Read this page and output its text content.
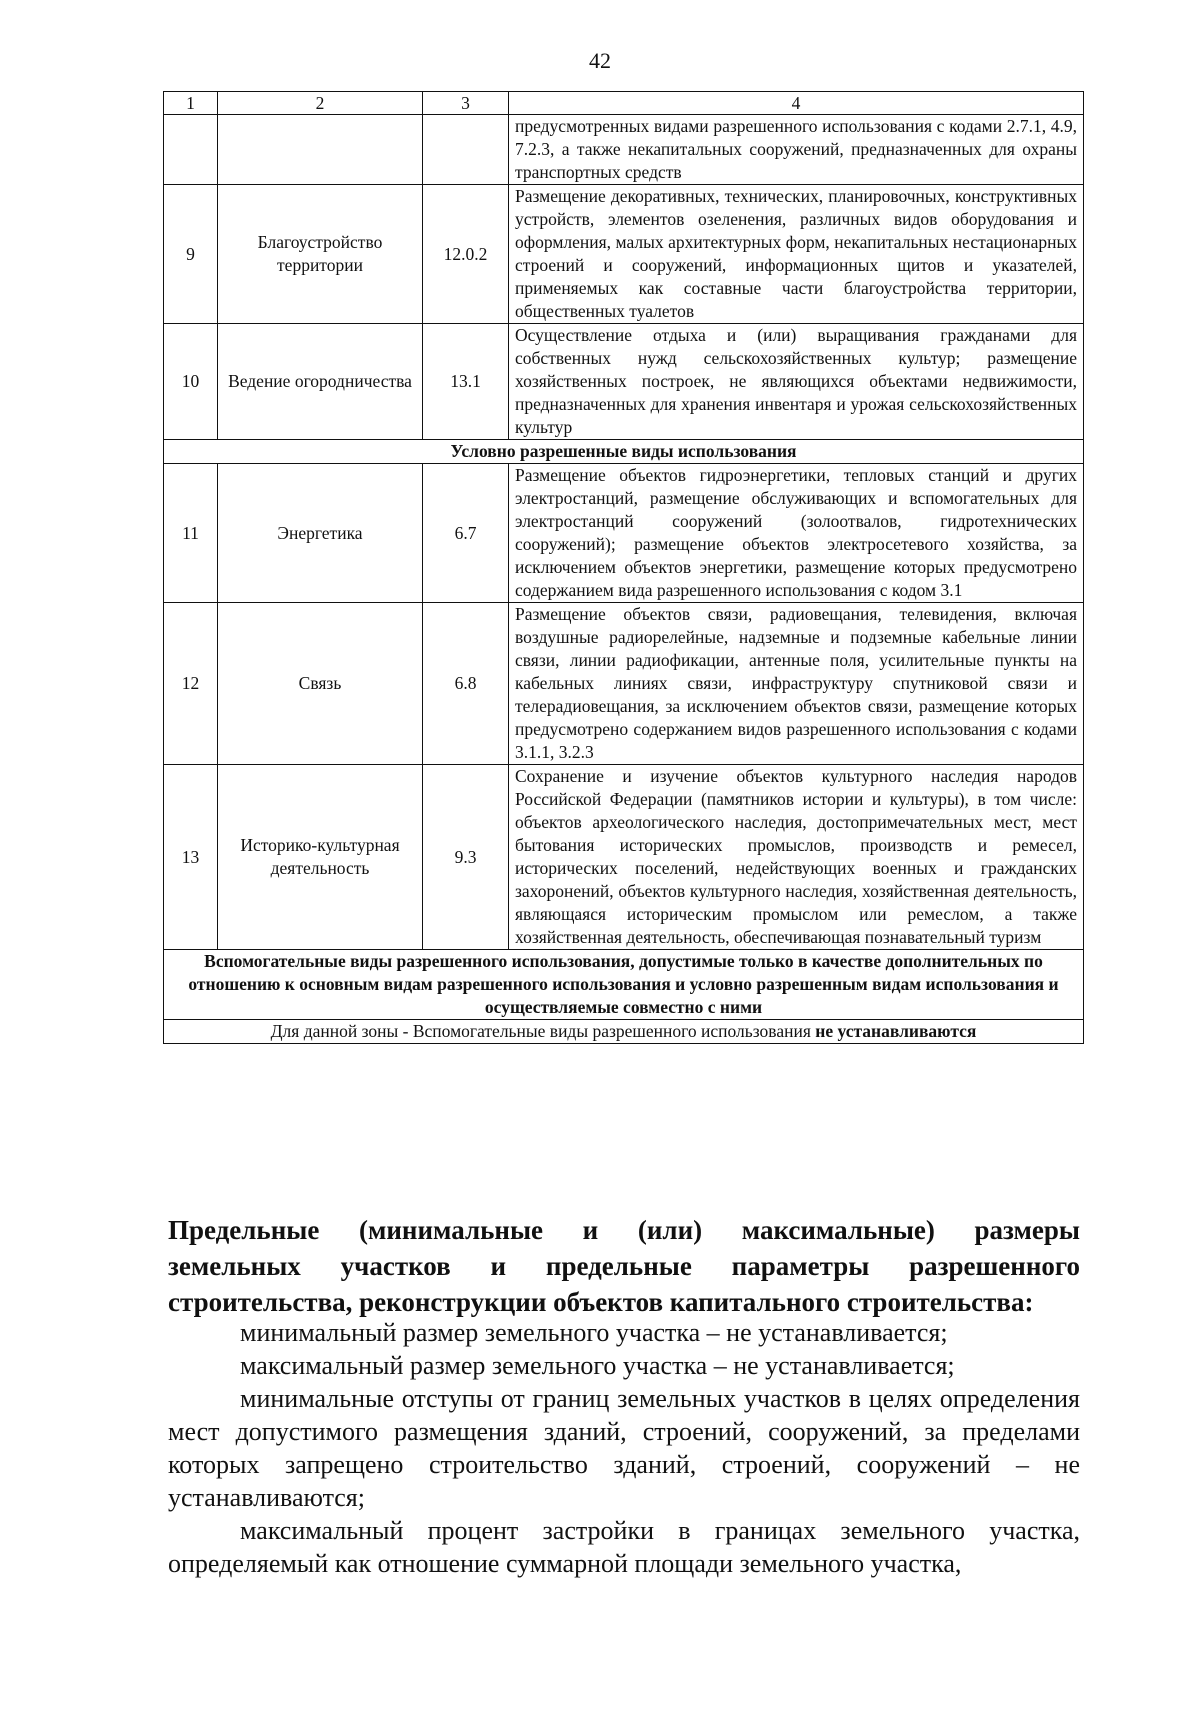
42
1	2	3	4
			предусмотренных видами разрешенного использования с кодами 2.7.1, 4.9, 7.2.3, а также некапитальных сооружений, предназначенных для охраны транспортных средств
9	Благоустройство территории	12.0.2	Размещение декоративных, технических, планировочных, конструктивных устройств, элементов озеленения, различных видов оборудования и оформления, малых архитектурных форм, некапитальных нестационарных строений и сооружений, информационных щитов и указателей, применяемых как составные части благоустройства территории, общественных туалетов
10	Ведение огородничества	13.1	Осуществление отдыха и (или) выращивания гражданами для собственных нужд сельскохозяйственных культур; размещение хозяйственных построек, не являющихся объектами недвижимости, предназначенных для хранения инвентаря и урожая сельскохозяйственных культур
Условно разрешенные виды использования			
11	Энергетика	6.7	Размещение объектов гидроэнергетики, тепловых станций и других электростанций, размещение обслуживающих и вспомогательных для электростанций сооружений (золоотвалов, гидротехнических сооружений); размещение объектов электросетевого хозяйства, за исключением объектов энергетики, размещение которых предусмотрено содержанием вида разрешенного использования с кодом 3.1
12	Связь	6.8	Размещение объектов связи, радиовещания, телевидения, включая воздушные радиорелейные, надземные и подземные кабельные линии связи, линии радиофикации, антенные поля, усилительные пункты на кабельных линиях связи, инфраструктуру спутниковой связи и телерадиовещания, за исключением объектов связи, размещение которых предусмотрено содержанием видов разрешенного использования с кодами 3.1.1, 3.2.3
13	Историко-культурная деятельность	9.3	Сохранение и изучение объектов культурного наследия народов Российской Федерации (памятников истории и культуры), в том числе: объектов археологического наследия, достопримечательных мест, мест бытования исторических промыслов, производств и ремесел, исторических поселений, недействующих военных и гражданских захоронений, объектов культурного наследия, хозяйственная деятельность, являющаяся историческим промыслом или ремеслом, а также хозяйственная деятельность, обеспечивающая познавательный туризм
Вспомогательные виды разрешенного использования, допустимые только в качестве дополнительных по отношению к основным видам разрешенного использования и условно разрешенным видам использования и осуществляемые совместно с ними			
Для данной зоны - Вспомогательные виды разрешенного использования не устанавливаются			
Предельные (минимальные и (или) максимальные) размеры
земельных участков и предельные параметры разрешенного
строительства, реконструкции объектов капитального строительства:

минимальный размер земельного участка – не устанавливается;

максимальный размер земельного участка – не устанавливается;

минимальные отступы от границ земельных участков в целях определения мест допустимого размещения зданий, строений, сооружений, за пределами которых запрещено строительство зданий, строений, сооружений – не устанавливаются;

максимальный процент застройки в границах земельного участка, определяемый как отношение суммарной площади земельного участка,
